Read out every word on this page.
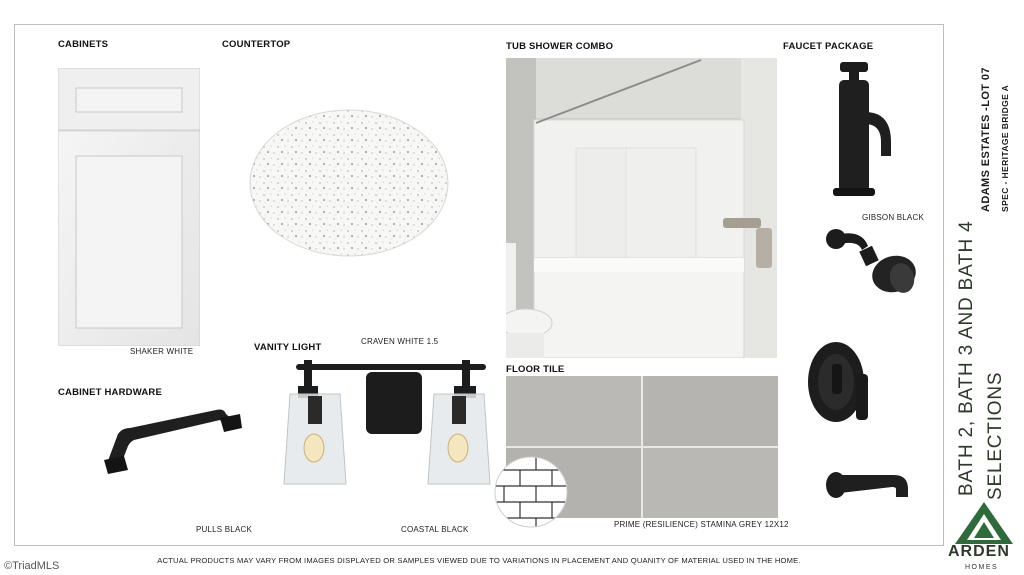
CABINETS
SHAKER WHITE
COUNTERTOP	TUB SHOWER COMBO	FAUCET PACKAGE
GIBSON BLACK
VANITY LIGHT
CRAVEN WHITE 1.5
COASTAL BLACK
CABINET HARDWARE
PULLS BLACK
FLOOR TILE
PRIME (RESILIENCE) STAMINA GREY 12X12
BATH 2, BATH 3 AND BATH 4 SELECTIONS
ADAMS ESTATES -LOT 07 SPEC - HERITAGE BRIDGE A
ARDEN
HOMES
ACTUAL PRODUCTS MAY VARY FROM IMAGES DISPLAYED OR SAMPLES VIEWED DUE TO VARIATIONS IN PLACEMENT AND QUANITY OF MATERIAL USED IN THE HOME.
©TriadMLS
